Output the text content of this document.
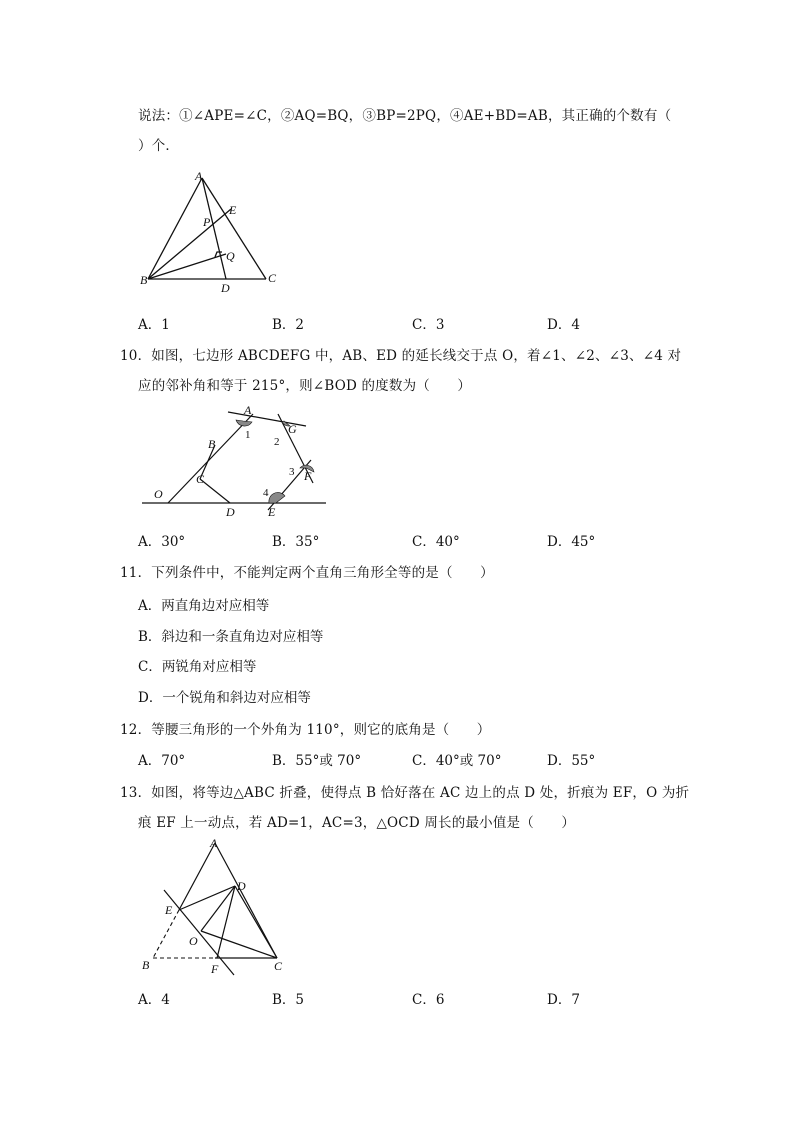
说法：①∠APE=∠C，②AQ=BQ，③BP=2PQ，④AE+BD=AB，其正确的个数有（
）个．
A
E
P
Q
B
D
C
A．1	B．2	C．3	D．4
10．如图，七边形 ABCDEFG 中，AB、ED 的延长线交于点 O，着∠1、∠2、∠3、∠4 对
应的邻补角和等于 215°，则∠BOD 的度数为（　　）
A
G
B
C	F
O
D	E
1
2
3
4
A．30°	B．35°	C．40°	D．45°
11．下列条件中，不能判定两个直角三角形全等的是（　　）
A．两直角边对应相等
B．斜边和一条直角边对应相等
C．两锐角对应相等
D．一个锐角和斜边对应相等
12．等腰三角形的一个外角为 110°，则它的底角是（　　）
A．70°	B．55°或 70°	C．40°或 70°	D．55°
13．如图，将等边△ABC 折叠，使得点 B 恰好落在 AC 边上的点 D 处，折痕为 EF，O 为折
痕 EF 上一动点，若 AD=1，AC=3，△OCD 周长的最小值是（　　）
A
D
E
O
B	F	C
A．4	B．5	C．6	D．7
